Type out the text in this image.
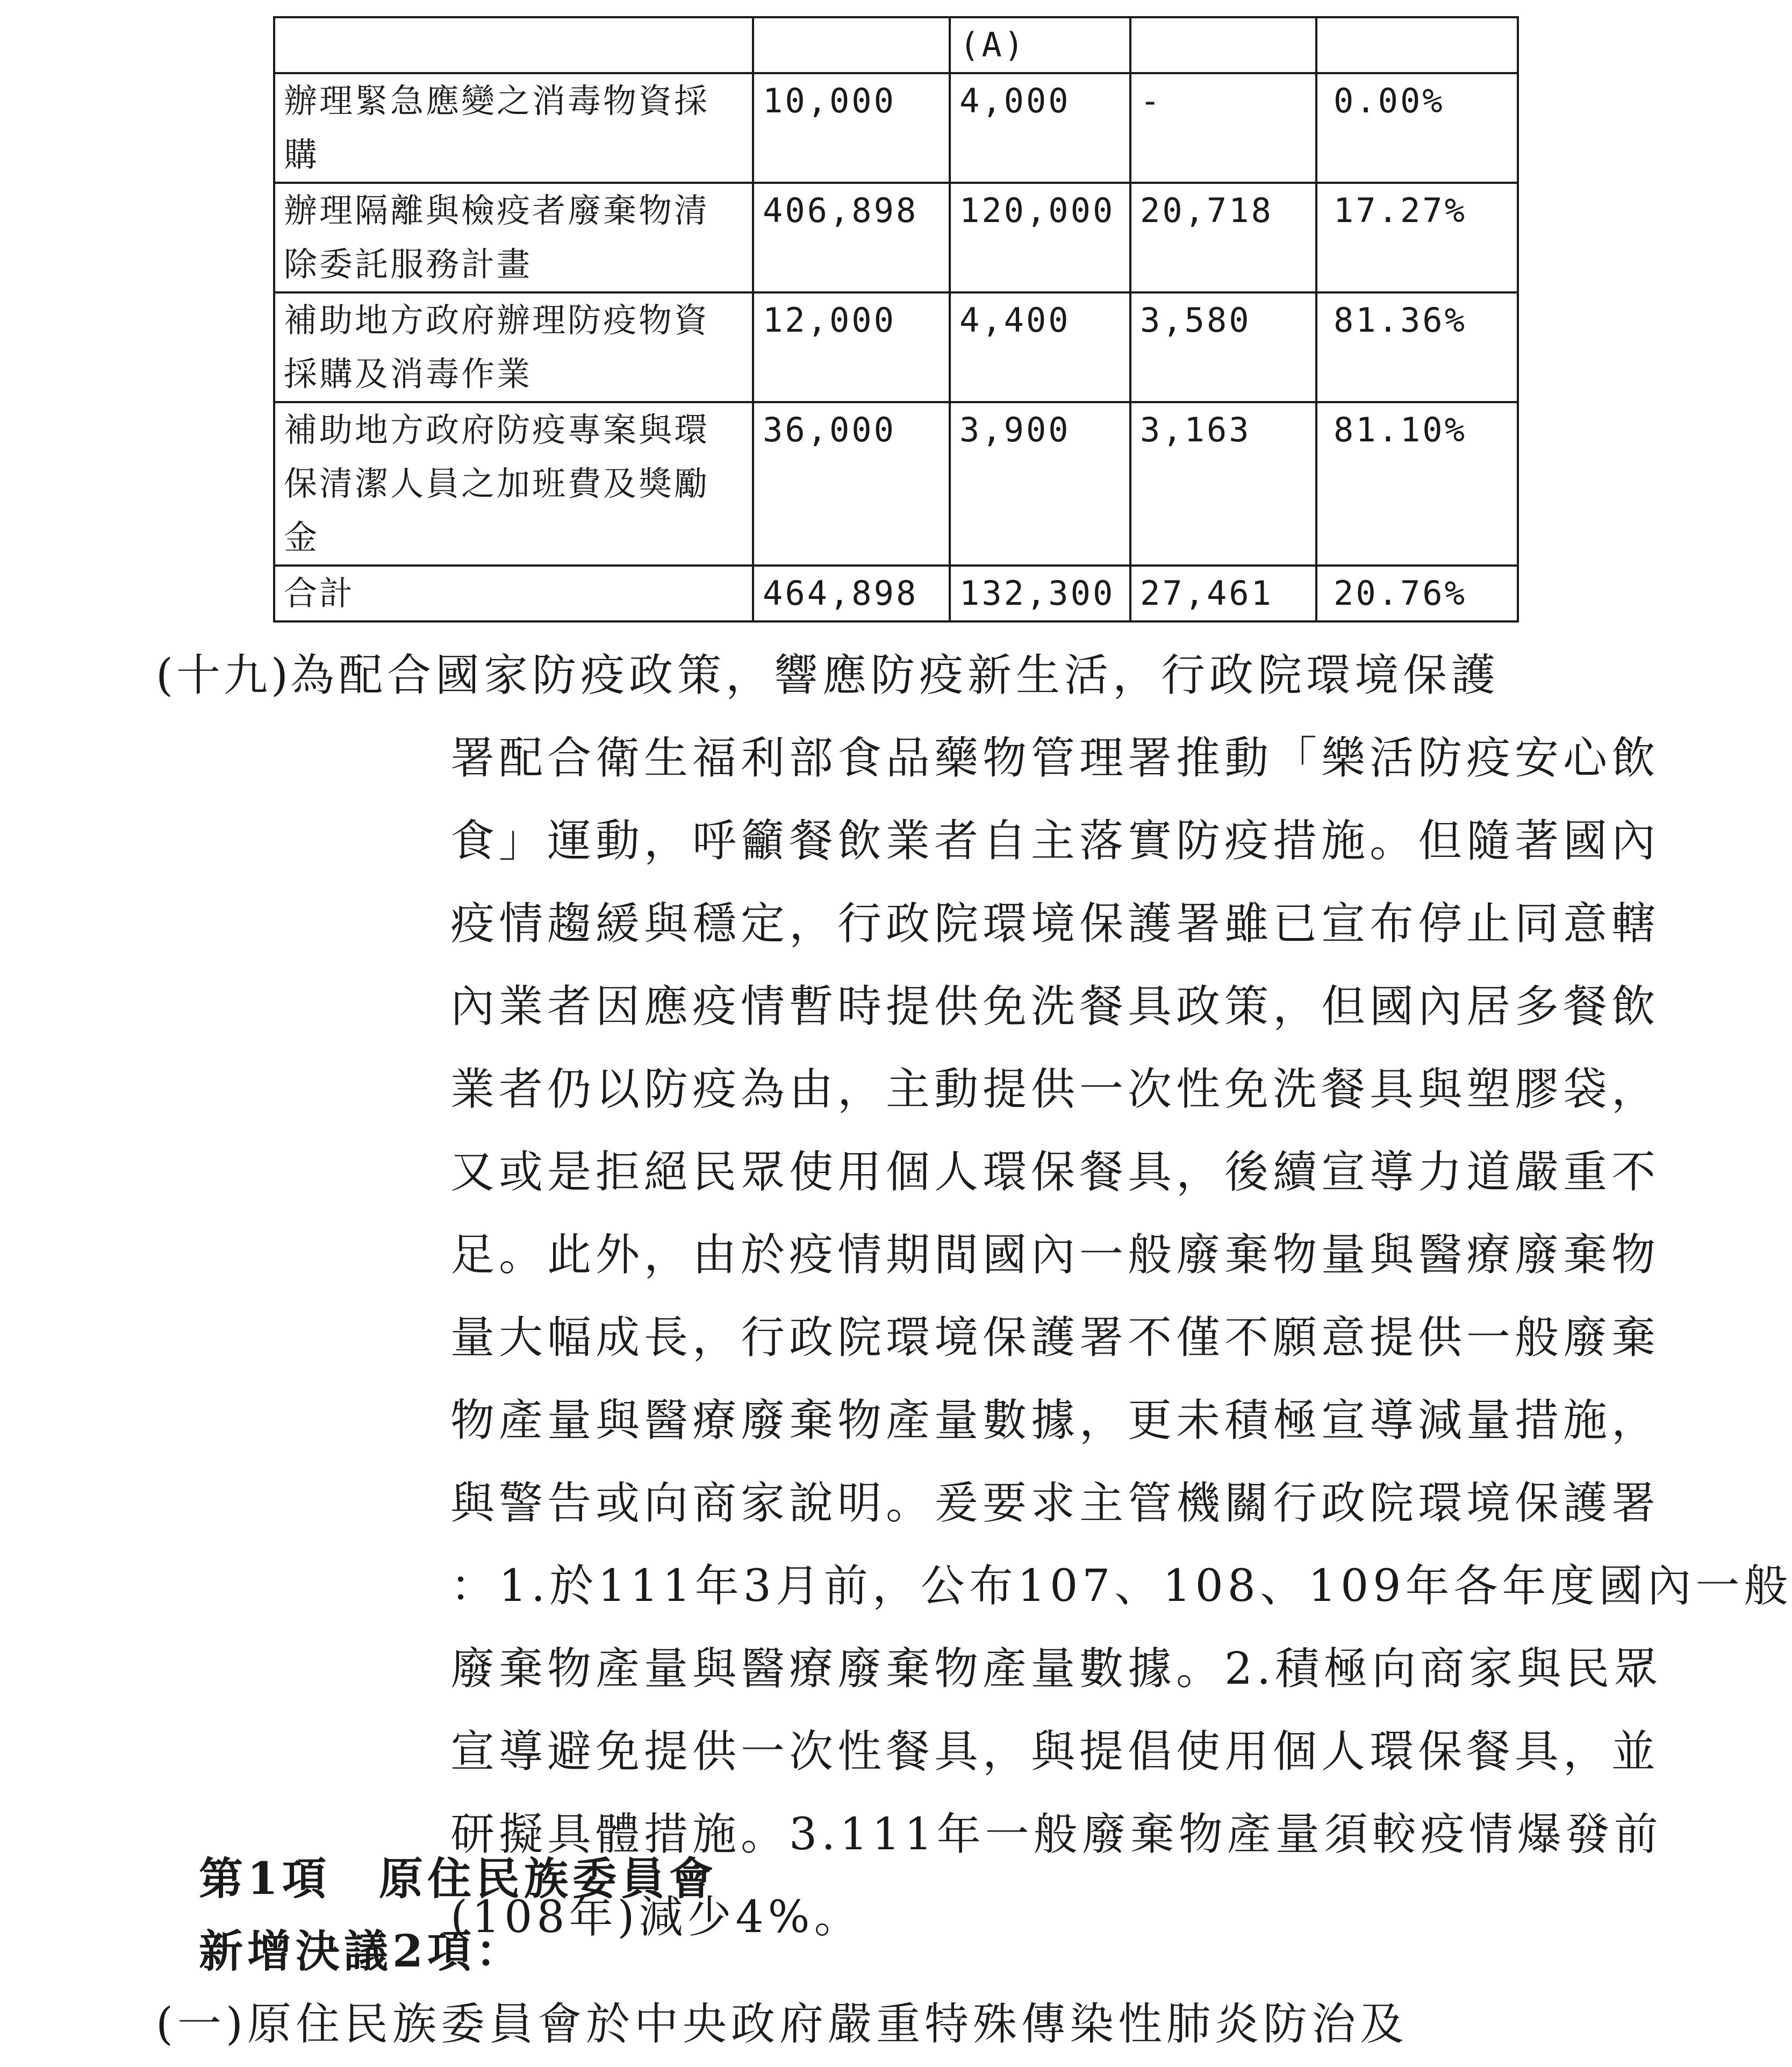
		(A)		
辦理緊急應變之消毒物資採購	10,000	4,000	-	0.00%
辦理隔離與檢疫者廢棄物清除委託服務計畫	406,898	120,000	20,718	17.27%
補助地方政府辦理防疫物資採購及消毒作業	12,000	4,400	3,580	81.36%
補助地方政府防疫專案與環保清潔人員之加班費及獎勵金	36,000	3,900	3,163	81.10%
合計	464,898	132,300	27,461	20.76%
(十九)
為配合國家防疫政策，響應防疫新生活，行政院環境保護
署配合衛生福利部食品藥物管理署推動「樂活防疫安心飲
食」運動，呼籲餐飲業者自主落實防疫措施。但隨著國內
疫情趨緩與穩定，行政院環境保護署雖已宣布停止同意轄
內業者因應疫情暫時提供免洗餐具政策，但國內居多餐飲
業者仍以防疫為由，主動提供一次性免洗餐具與塑膠袋，
又或是拒絕民眾使用個人環保餐具，後續宣導力道嚴重不
足。此外，由於疫情期間國內一般廢棄物量與醫療廢棄物
量大幅成長，行政院環境保護署不僅不願意提供一般廢棄
物產量與醫療廢棄物產量數據，更未積極宣導減量措施，
與警告或向商家說明。爰要求主管機關行政院環境保護署
：1.於111年3月前，公布107、108、109年各年度國內一般
廢棄物產量與醫療廢棄物產量數據。2.積極向商家與民眾
宣導避免提供一次性餐具，與提倡使用個人環保餐具，並
研擬具體措施。3.111年一般廢棄物產量須較疫情爆發前
(108年)減少4%。
第1項　原住民族委員會
新增決議2項：
(一)原住民族委員會於中央政府嚴重特殊傳染性肺炎防治及
